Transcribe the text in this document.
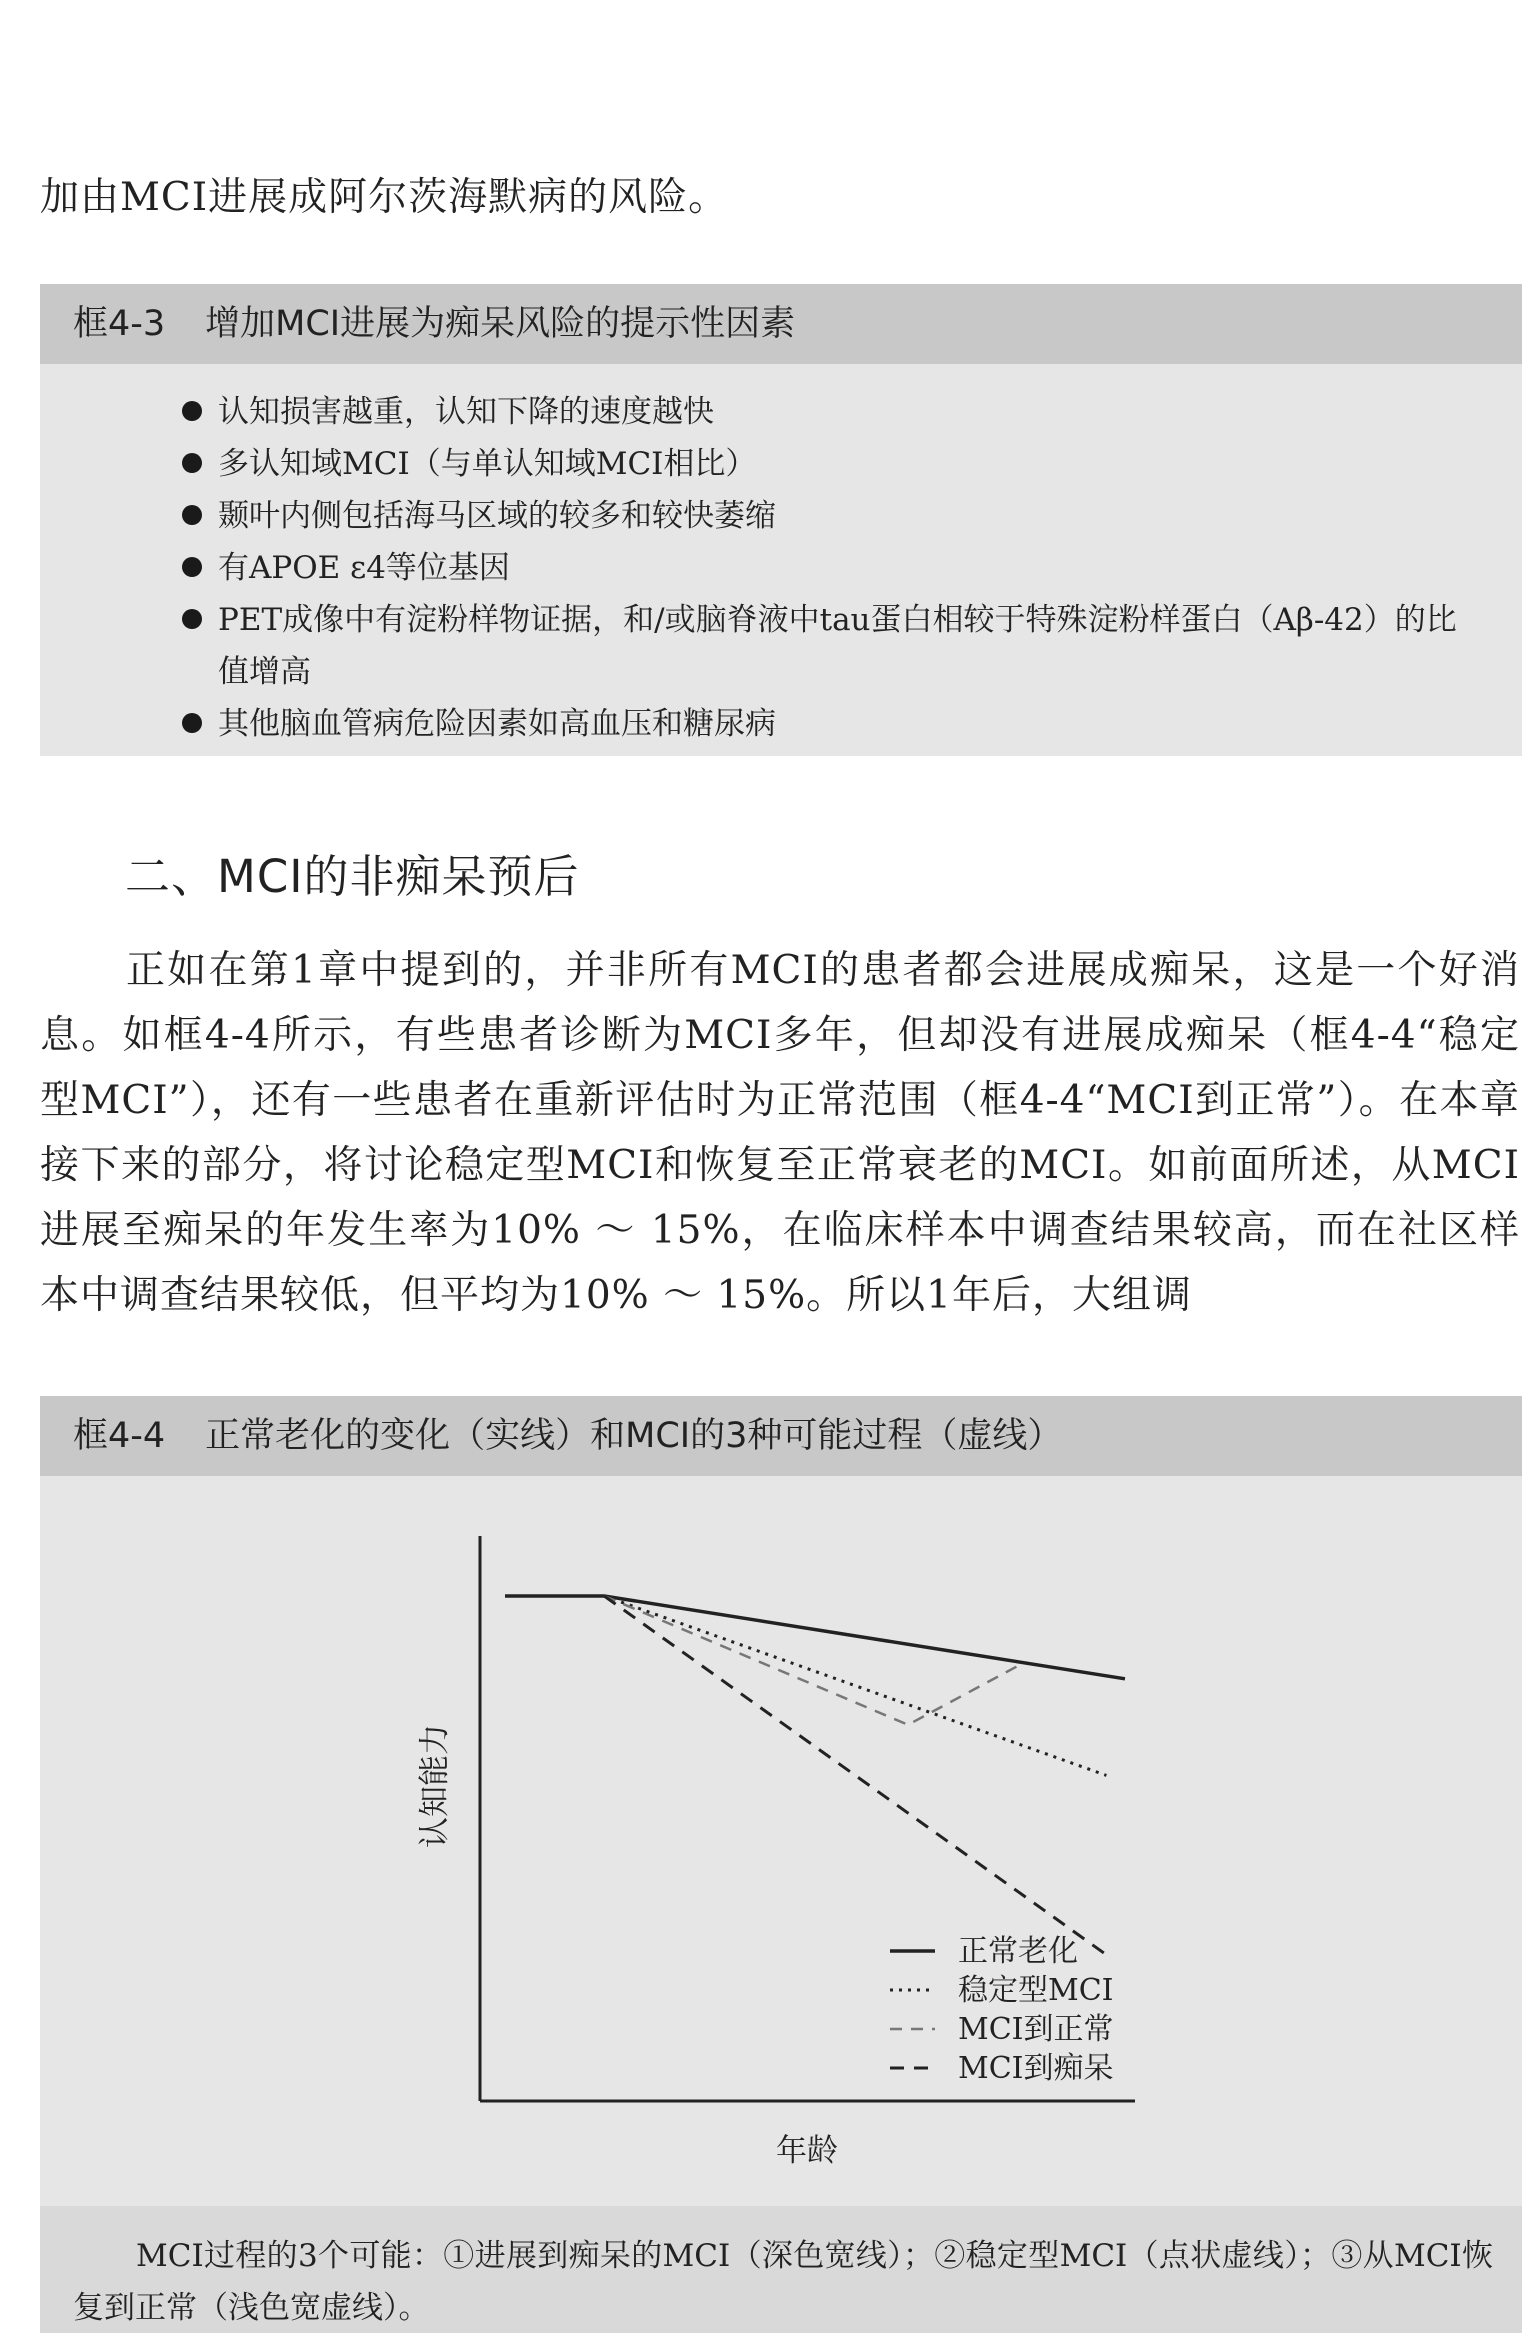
加由MCI进展成阿尔茨海默病的风险。
框4-3 增加MCI进展为痴呆风险的提示性因素
认知损害越重，认知下降的速度越快
多认知域MCI（与单认知域MCI相比）
颞叶内侧包括海马区域的较多和较快萎缩
有APOE ε4等位基因
PET成像中有淀粉样物证据，和/或脑脊液中tau蛋白相较于特殊淀粉样蛋白（Aβ-42）的比值增高
其他脑血管病危险因素如高血压和糖尿病
二、MCI的非痴呆预后
正如在第1章中提到的，并非所有MCI的患者都会进展成痴呆，这是一个好消息。如框4-4所示，有些患者诊断为MCI多年，但却没有进展成痴呆（框4-4“稳定型MCI”），还有一些患者在重新评估时为正常范围（框4-4“MCI到正常”）。在本章接下来的部分，将讨论稳定型MCI和恢复至正常衰老的MCI。如前面所述，从MCI进展至痴呆的年发生率为10% ～ 15%，在临床样本中调查结果较高，而在社区样本中调查结果较低，但平均为10% ～ 15%。所以1年后，大组调
框4-4 正常老化的变化（实线）和MCI的3种可能过程（虚线）
认知能力
年龄
正常老化
稳定型MCI
MCI到正常
MCI到痴呆
MCI过程的3个可能：①进展到痴呆的MCI（深色宽线）；②稳定型MCI（点状虚线）；③从MCI恢复到正常（浅色宽虚线）。
